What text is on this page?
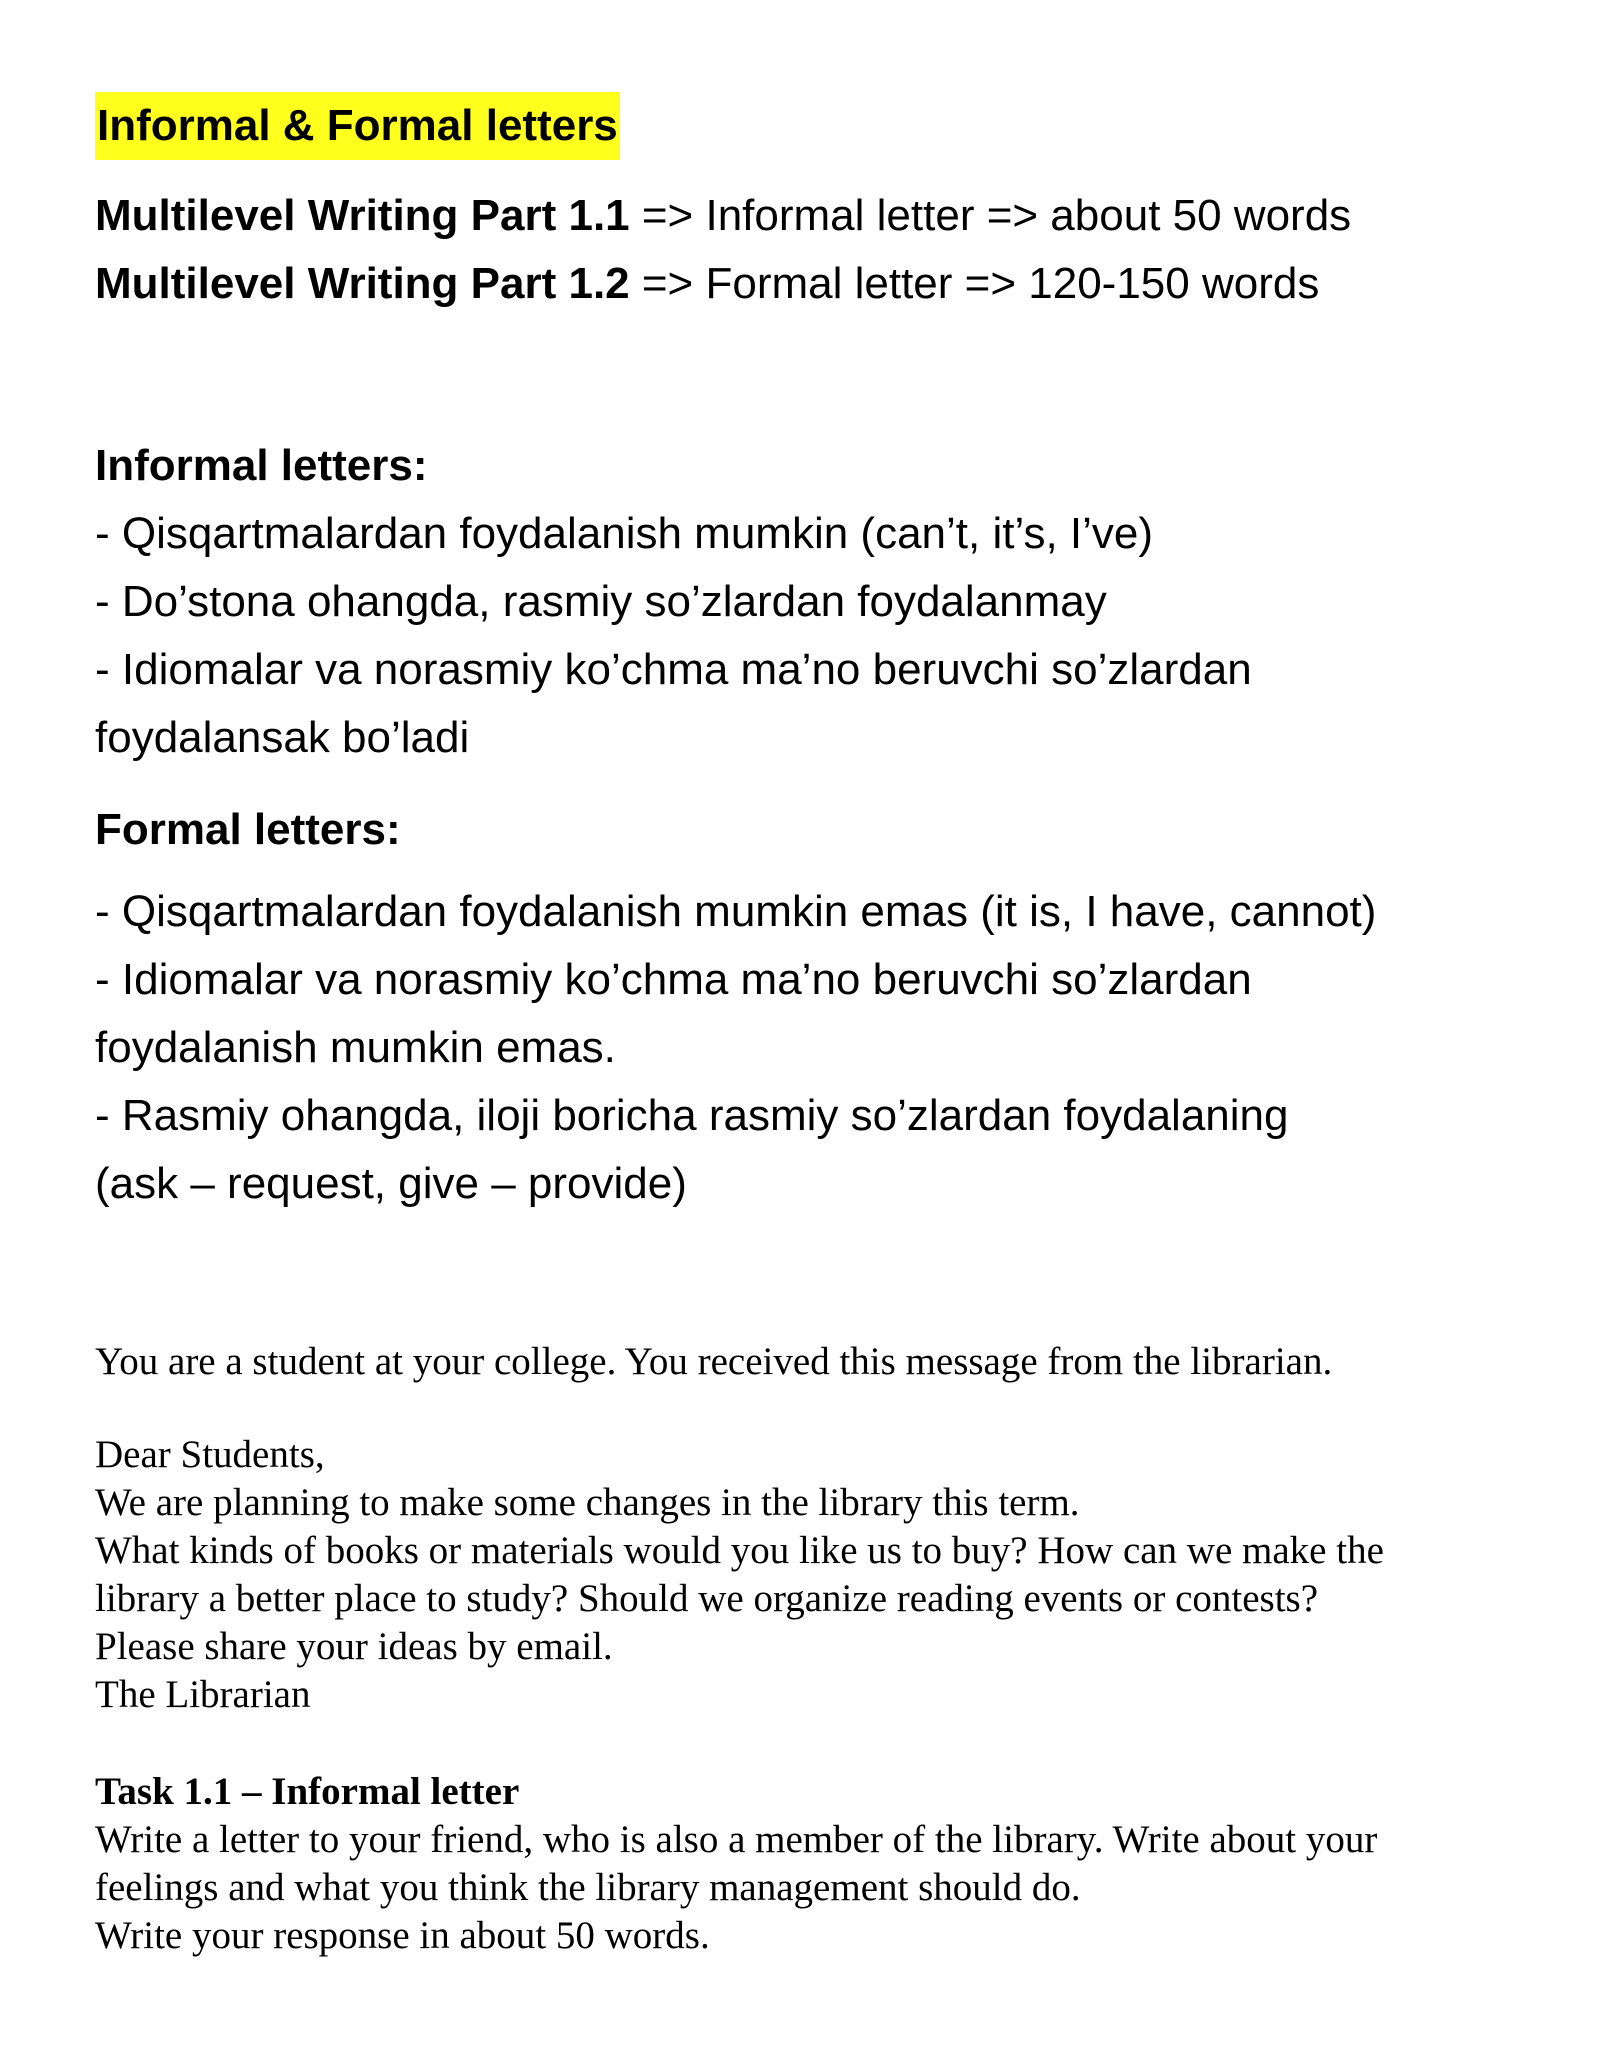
Informal & Formal letters
Multilevel Writing Part 1.1 => Informal letter => about 50 words
Multilevel Writing Part 1.2 => Formal letter => 120-150 words

Informal letters:

- Qisqartmalardan foydalanish mumkin (can’t, it’s, I’ve)

- Do’stona ohangda, rasmiy so’zlardan foydalanmay

- Idiomalar va norasmiy ko’chma ma’no beruvchi so’zlardan

foydalansak bo’ladi

Formal letters:

- Qisqartmalardan foydalanish mumkin emas (it is, I have, cannot)

- Idiomalar va norasmiy ko’chma ma’no beruvchi so’zlardan

foydalanish mumkin emas.

- Rasmiy ohangda, iloji boricha rasmiy so’zlardan foydalaning

(ask – request, give – provide)

You are a student at your college. You received this message from the librarian.

Dear Students,

We are planning to make some changes in the library this term.

What kinds of books or materials would you like us to buy? How can we make the

library a better place to study? Should we organize reading events or contests?

Please share your ideas by email.

The Librarian

Task 1.1 – Informal letter

Write a letter to your friend, who is also a member of the library. Write about your

feelings and what you think the library management should do.

Write your response in about 50 words.
